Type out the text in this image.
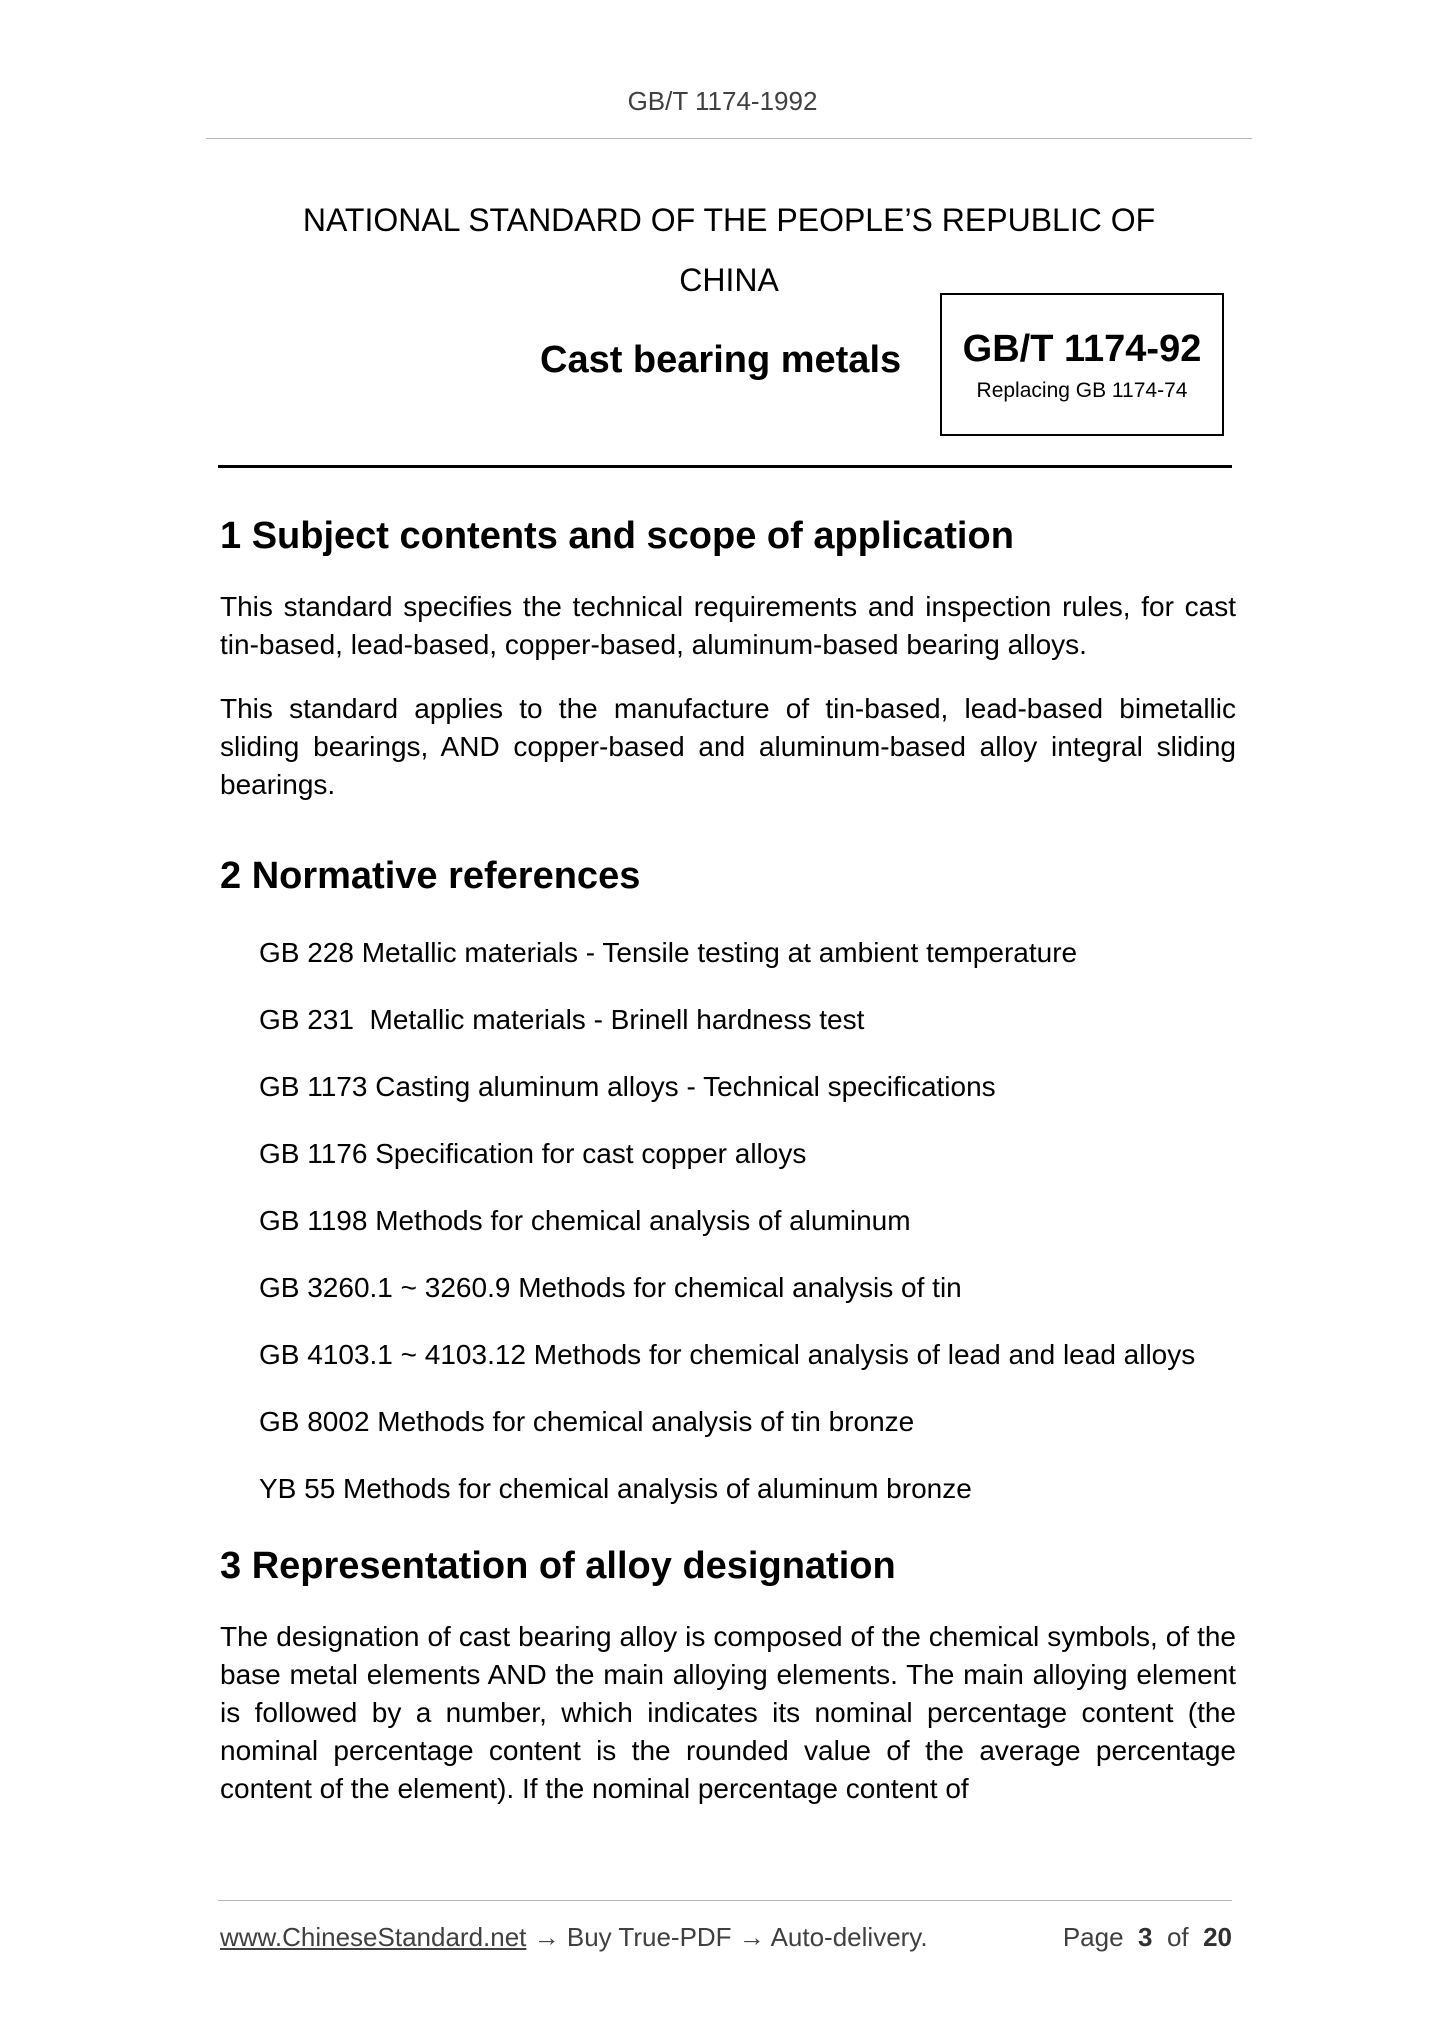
GB/T 1174-1992
NATIONAL STANDARD OF THE PEOPLE’S REPUBLIC OF
CHINA
Cast bearing metals	GB/T 1174-92
Replacing GB 1174-74
1 Subject contents and scope of application

This standard specifies the technical requirements and inspection rules, for cast tin-based, lead-based, copper-based, aluminum-based bearing alloys.

This standard applies to the manufacture of tin-based, lead-based bimetallic sliding bearings, AND copper-based and aluminum-based alloy integral sliding bearings.

2 Normative references
GB 228 Metallic materials - Tensile testing at ambient temperature
GB 231  Metallic materials - Brinell hardness test
GB 1173 Casting aluminum alloys - Technical specifications
GB 1176 Specification for cast copper alloys
GB 1198 Methods for chemical analysis of aluminum
GB 3260.1 ~ 3260.9 Methods for chemical analysis of tin
GB 4103.1 ~ 4103.12 Methods for chemical analysis of lead and lead alloys
GB 8002 Methods for chemical analysis of tin bronze
YB 55 Methods for chemical analysis of aluminum bronze
3 Representation of alloy designation

The designation of cast bearing alloy is composed of the chemical symbols, of the base metal elements AND the main alloying elements. The main alloying element is followed by a number, which indicates its nominal percentage content (the nominal percentage content is the rounded value of the average percentage content of the element). If the nominal percentage content of

www.ChineseStandard.net → Buy True-PDF → Auto-delivery.	Page 3 of 20
